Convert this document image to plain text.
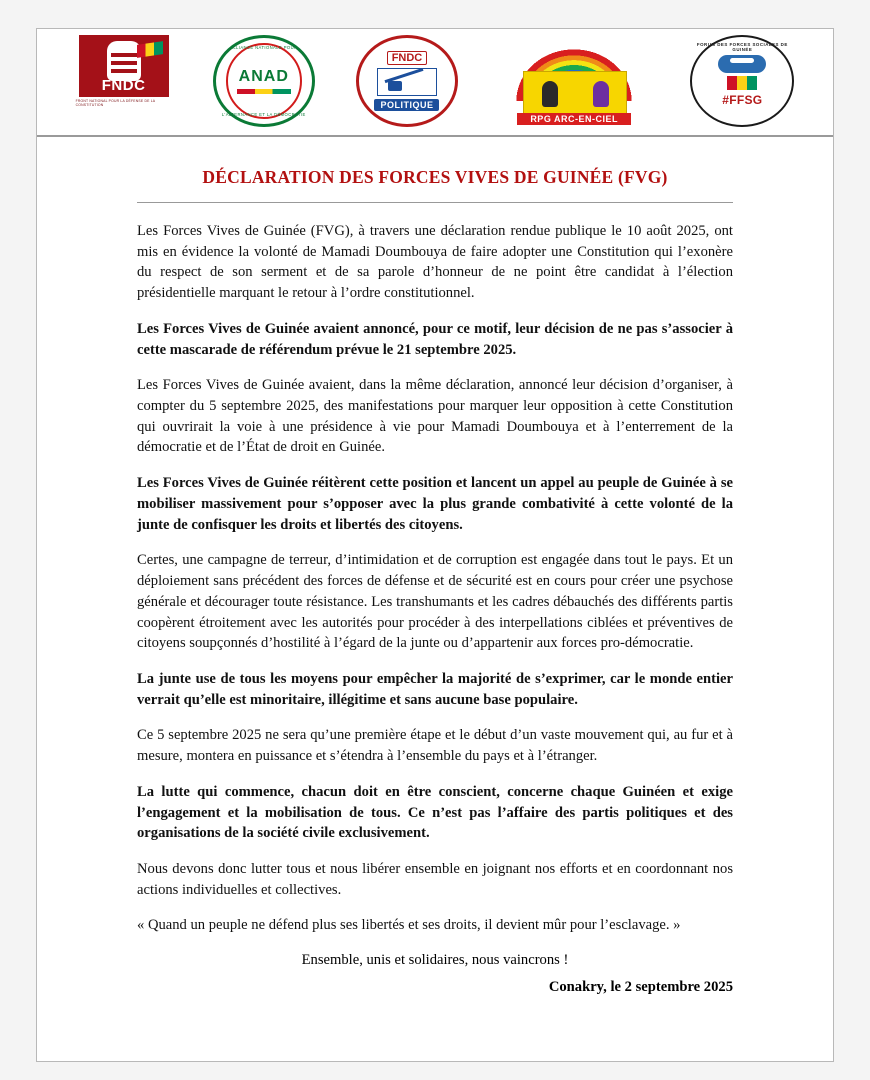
FNDC
FRONT NATIONAL POUR LA DÉFENSE DE LA CONSTITUTION
ALLIANCE NATIONALE POUR
ANAD
L’ALTERNANCE ET LA DÉMOCRATIE
FNDC
POLITIQUE
RPG ARC-EN-CIEL
FORUM DES FORCES SOCIALES DE GUINÉE
#FFSG
DÉCLARATION DES FORCES VIVES DE GUINÉE (FVG)

Les Forces Vives de Guinée (FVG), à travers une déclaration rendue publique le 10 août 2025, ont mis en évidence la volonté de Mamadi Doumbouya de faire adopter une Constitution qui l’exonère du respect de son serment et de sa parole d’honneur de ne point être candidat à l’élection présidentielle marquant le retour à l’ordre constitutionnel.

Les Forces Vives de Guinée avaient annoncé, pour ce motif, leur décision de ne pas s’associer à cette mascarade de référendum prévue le 21 septembre 2025.

Les Forces Vives de Guinée avaient, dans la même déclaration, annoncé leur décision d’organiser, à compter du 5 septembre 2025, des manifestations pour marquer leur opposition à cette Constitution qui ouvrirait la voie à une présidence à vie pour Mamadi Doumbouya et à l’enterrement de la démocratie et de l’État de droit en Guinée.

Les Forces Vives de Guinée réitèrent cette position et lancent un appel au peuple de Guinée à se mobiliser massivement pour s’opposer avec la plus grande combativité à cette volonté de la junte de confisquer les droits et libertés des citoyens.

Certes, une campagne de terreur, d’intimidation et de corruption est engagée dans tout le pays. Et un déploiement sans précédent des forces de défense et de sécurité est en cours pour créer une psychose générale et décourager toute résistance. Les transhumants et les cadres débauchés des différents partis coopèrent étroitement avec les autorités pour procéder à des interpellations ciblées et préventives de citoyens soupçonnés d’hostilité à l’égard de la junte ou d’appartenir aux forces pro-démocratie.

La junte use de tous les moyens pour empêcher la majorité de s’exprimer, car le monde entier verrait qu’elle est minoritaire, illégitime et sans aucune base populaire.

Ce 5 septembre 2025 ne sera qu’une première étape et le début d’un vaste mouvement qui, au fur et à mesure, montera en puissance et s’étendra à l’ensemble du pays et à l’étranger.

La lutte qui commence, chacun doit en être conscient, concerne chaque Guinéen et exige l’engagement et la mobilisation de tous. Ce n’est pas l’affaire des partis politiques et des organisations de la société civile exclusivement.

Nous devons donc lutter tous et nous libérer ensemble en joignant nos efforts et en coordonnant nos actions individuelles et collectives.

« Quand un peuple ne défend plus ses libertés et ses droits, il devient mûr pour l’esclavage. »

Ensemble, unis et solidaires, nous vaincrons !

Conakry, le 2 septembre 2025
